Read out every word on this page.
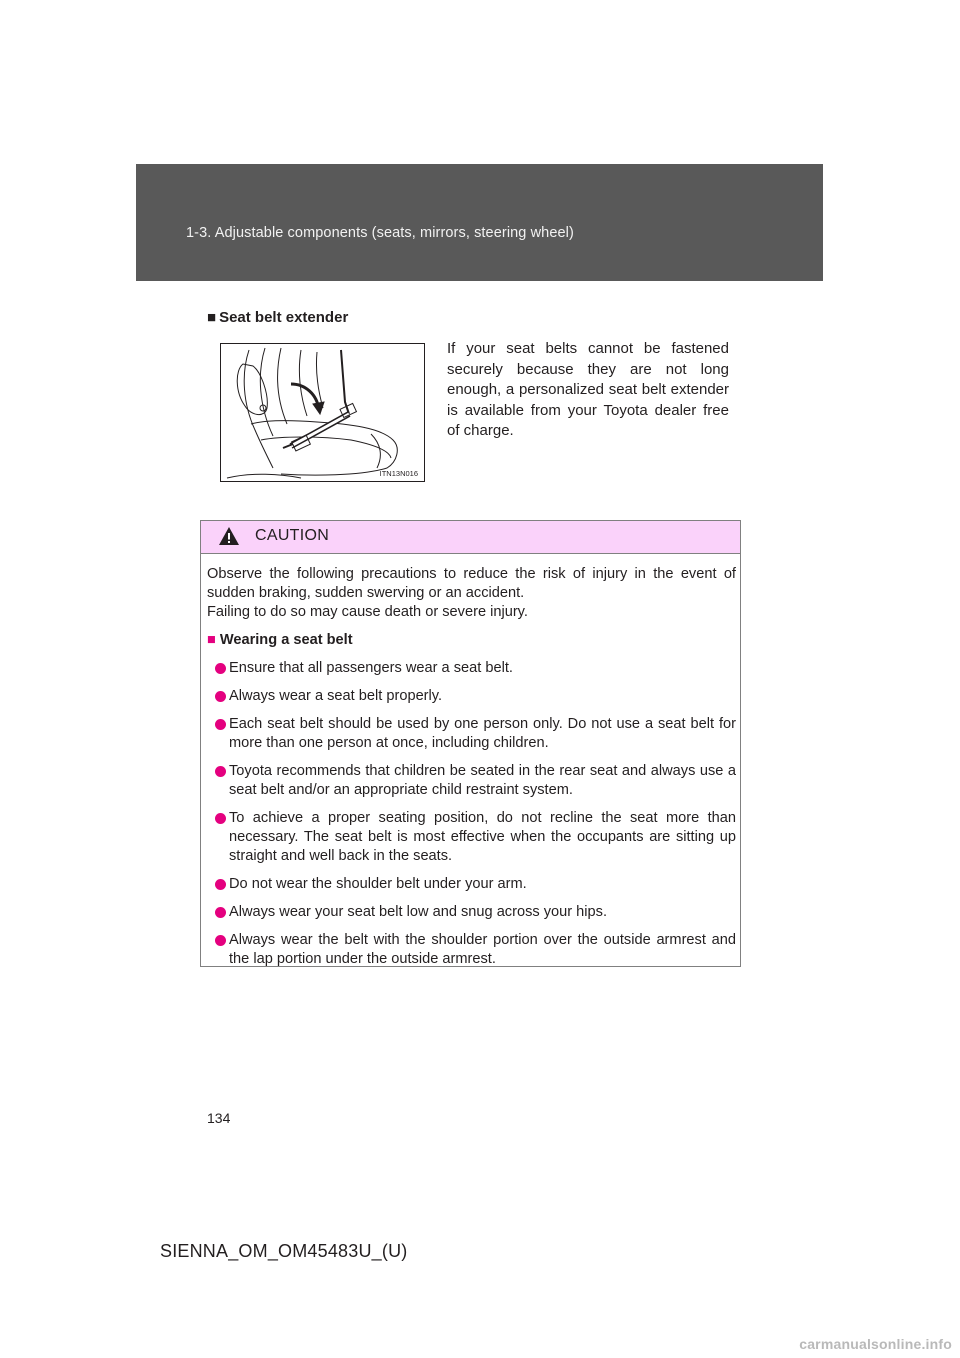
1-3. Adjustable components (seats, mirrors, steering wheel)
■ Seat belt extender
ITN13N016
If your seat belts cannot be fastened securely because they are not long enough, a personalized seat belt extender is available from your Toyota dealer free of charge.
CAUTION
Observe the following precautions to reduce the risk of injury in the event of sudden braking, sudden swerving or an accident.
Failing to do so may cause death or severe injury.
■ Wearing a seat belt
Ensure that all passengers wear a seat belt.
Always wear a seat belt properly.
Each seat belt should be used by one person only. Do not use a seat belt for more than one person at once, including children.
Toyota recommends that children be seated in the rear seat and always use a seat belt and/or an appropriate child restraint system.
To achieve a proper seating position, do not recline the seat more than necessary. The seat belt is most effective when the occupants are sitting up straight and well back in the seats.
Do not wear the shoulder belt under your arm.
Always wear your seat belt low and snug across your hips.
Always wear the belt with the shoulder portion over the outside armrest and the lap portion under the outside armrest.
134
SIENNA_OM_OM45483U_(U)
carmanualsonline.info
